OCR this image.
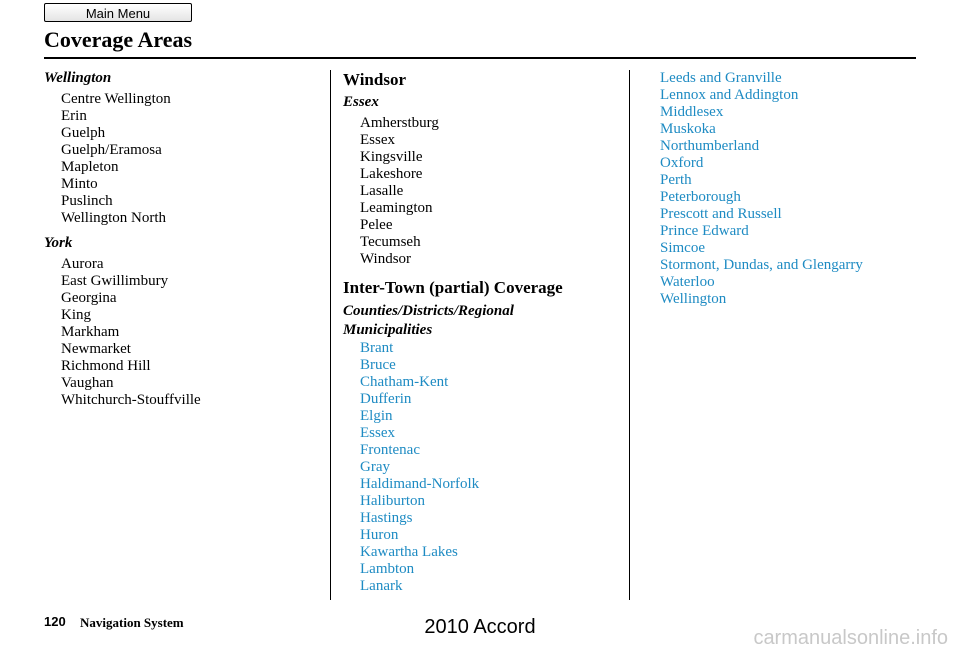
Main Menu
Coverage Areas
Wellington
Centre Wellington
Erin
Guelph
Guelph/Eramosa
Mapleton
Minto
Puslinch
Wellington North
York
Aurora
East Gwillimbury
Georgina
King
Markham
Newmarket
Richmond Hill
Vaughan
Whitchurch-Stouffville
Windsor
Essex
Amherstburg
Essex
Kingsville
Lakeshore
Lasalle
Leamington
Pelee
Tecumseh
Windsor
Inter-Town (partial) Coverage
Counties/Districts/Regional
Municipalities
Brant
Bruce
Chatham-Kent
Dufferin
Elgin
Essex
Frontenac
Gray
Haldimand-Norfolk
Haliburton
Hastings
Huron
Kawartha Lakes
Lambton
Lanark
Leeds and Granville
Lennox and Addington
Middlesex
Muskoka
Northumberland
Oxford
Perth
Peterborough
Prescott and Russell
Prince Edward
Simcoe
Stormont, Dundas, and Glengarry
Waterloo
Wellington
120 Navigation System	2010 Accord	carmanualsonline.info
